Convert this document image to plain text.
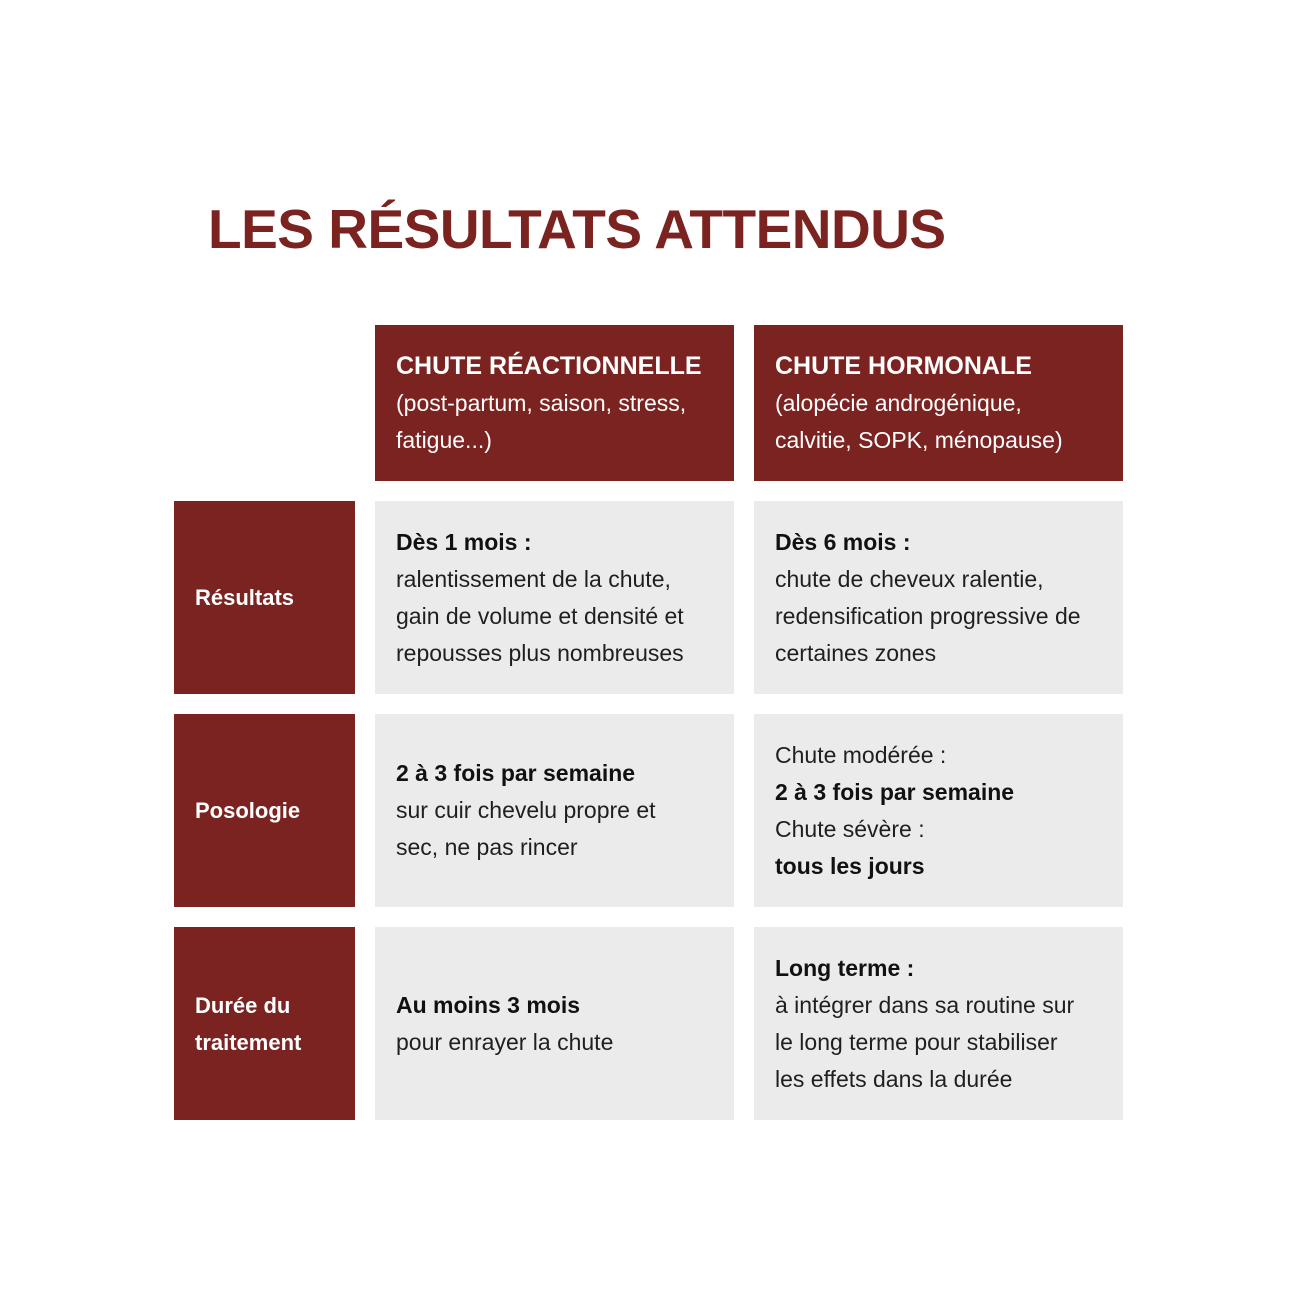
LES RÉSULTATS ATTENDUS
CHUTE RÉACTIONNELLE
(post-partum, saison, stress,
fatigue...)
CHUTE HORMONALE
(alopécie androgénique,
calvitie, SOPK, ménopause)
Résultats
Dès 1 mois :
ralentissement de la chute,
gain de volume et densité et
repousses plus nombreuses
Dès 6 mois :
chute de cheveux ralentie,
redensification progressive de
certaines zones
Posologie
2 à 3 fois par semaine
sur cuir chevelu propre et
sec, ne pas rincer
Chute modérée :
2 à 3 fois par semaine
Chute sévère :
tous les jours
Durée du
traitement
Au moins 3 mois
pour enrayer la chute
Long terme :
à intégrer dans sa routine sur
le long terme pour stabiliser
les effets dans la durée
